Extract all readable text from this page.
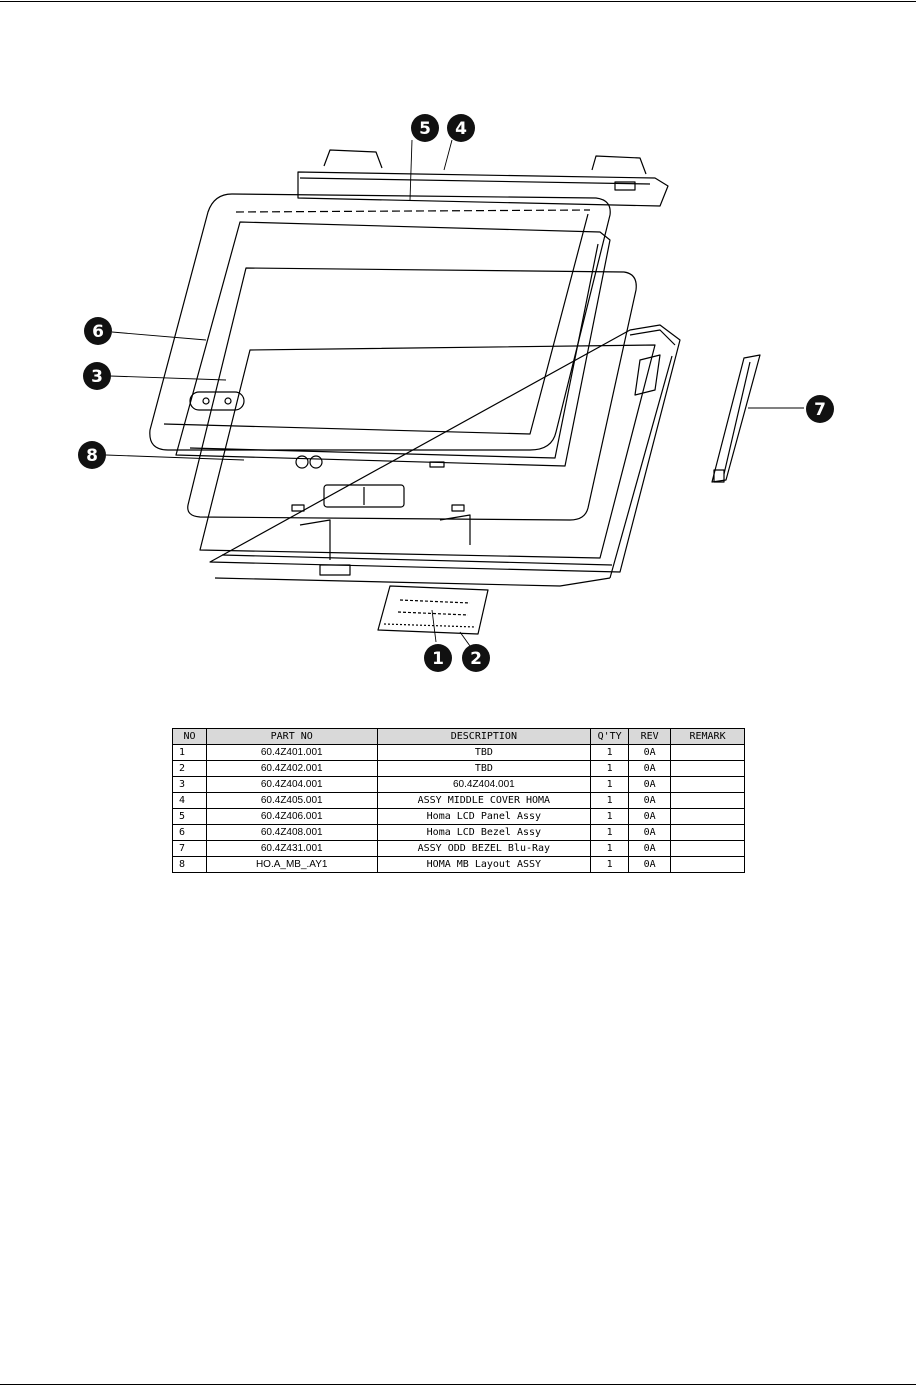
5 4
6
3
8
7
1 2
NO	PART NO	DESCRIPTION	Q'TY	REV	REMARK
1	60.4Z401.001	TBD	1	0A	
2	60.4Z402.001	TBD	1	0A	
3	60.4Z404.001	60.4Z404.001	1	0A	
4	60.4Z405.001	ASSY MIDDLE COVER HOMA	1	0A	
5	60.4Z406.001	Homa LCD Panel Assy	1	0A	
6	60.4Z408.001	Homa LCD Bezel Assy	1	0A	
7	60.4Z431.001	ASSY ODD BEZEL Blu-Ray	1	0A	
8	HO.A_MB_.AY1	HOMA MB Layout ASSY	1	0A	
